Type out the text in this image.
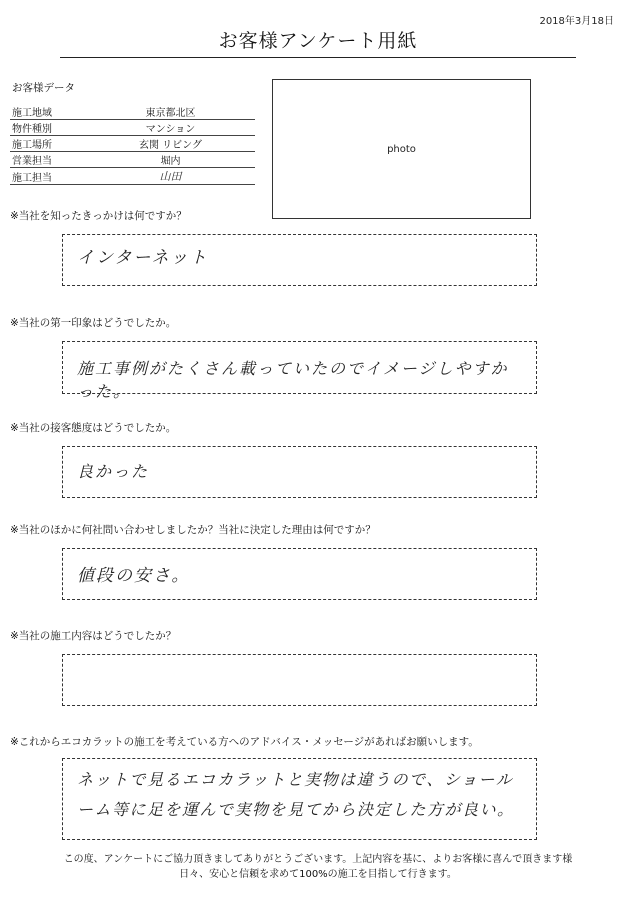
2018年3月18日
お客様アンケート用紙
お客様データ
施工地域	東京都北区
物件種別	マンション
施工場所	玄関 リビング
営業担当	堀内
施工担当	山田
photo
※当社を知ったきっかけは何ですか？
インターネット
※当社の第一印象はどうでしたか。
施工事例がたくさん載っていたのでイメージしやすかった。
※当社の接客態度はどうでしたか。
良かった
※当社のほかに何社問い合わせしましたか？当社に決定した理由は何ですか？
値段の安さ。
※当社の施工内容はどうでしたか？
※これからエコカラットの施工を考えている方へのアドバイス・メッセージがあればお願いします。
ネットで見るエコカラットと実物は違うので、ショールーム等に足を運んで実物を見てから決定した方が良い。
この度、アンケートにご協力頂きましてありがとうございます。上記内容を基に、よりお客様に喜んで頂きます様
日々、安心と信頼を求めて100%の施工を目指して行きます。
